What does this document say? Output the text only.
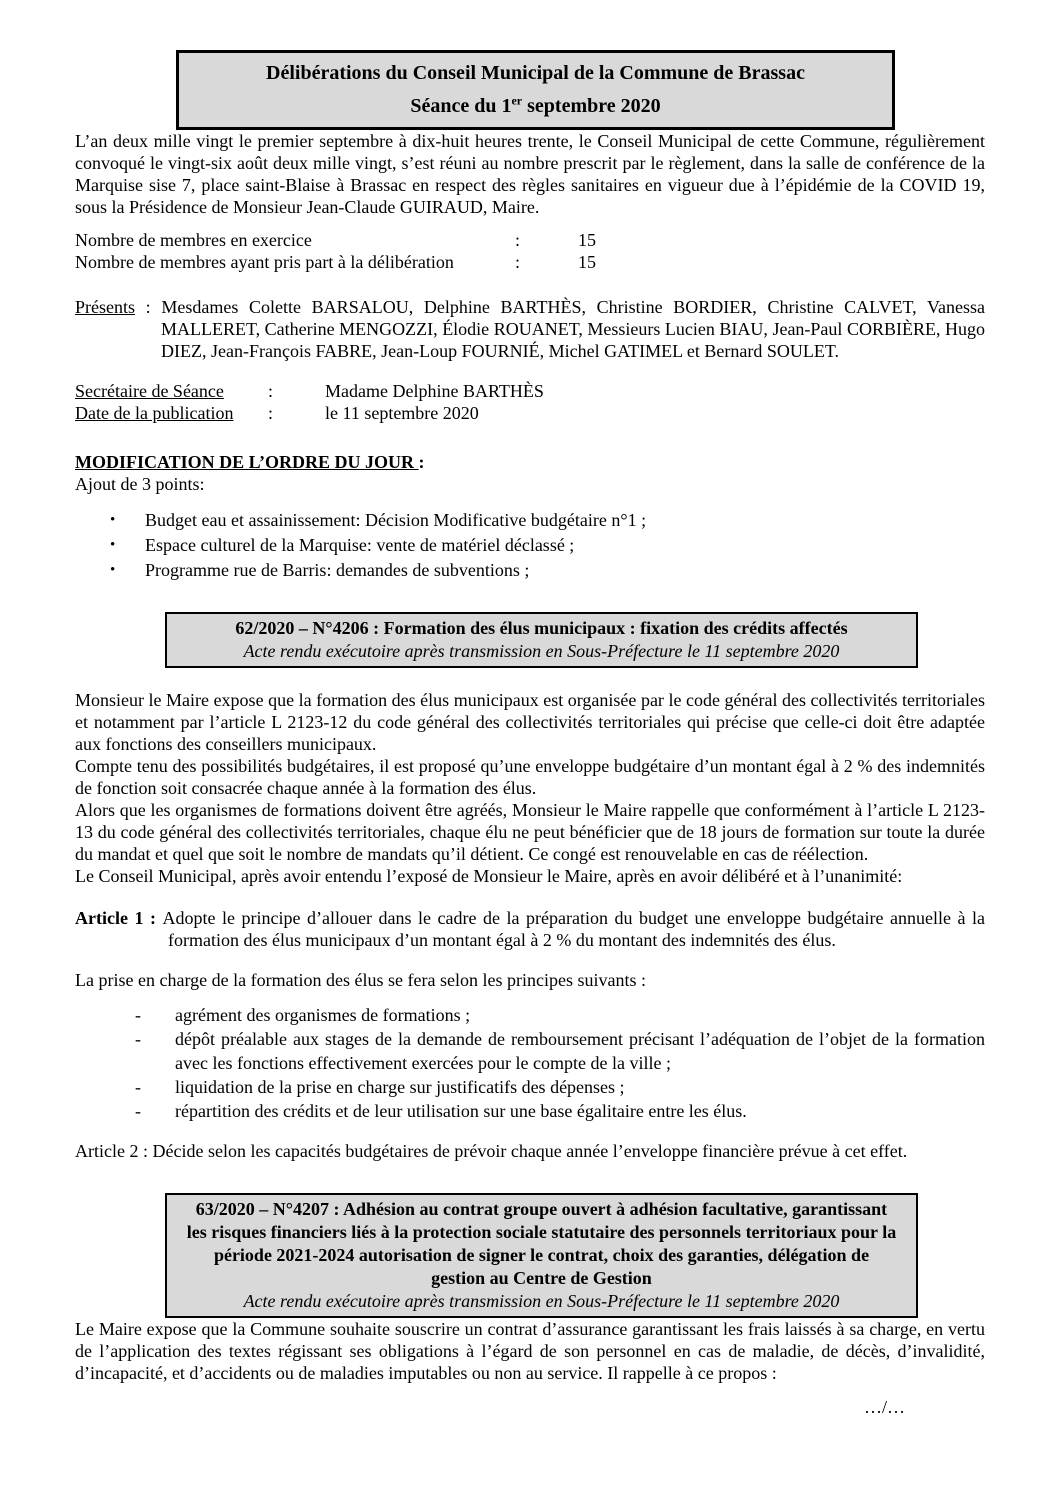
Délibérations du Conseil Municipal de la Commune de Brassac
Séance du 1er septembre 2020

L’an deux mille vingt le premier septembre à dix-huit heures trente, le Conseil Municipal de cette Commune, régulièrement convoqué le vingt-six août deux mille vingt, s’est réuni au nombre prescrit par le règlement, dans la salle de conférence de la Marquise sise 7, place saint-Blaise à Brassac en respect des règles sanitaires en vigueur due à l’épidémie de la COVID 19, sous la Présidence de Monsieur Jean-Claude GUIRAUD, Maire.

Nombre de membres en exercice	:	15
Nombre de membres ayant pris part à la délibération	:	15

Présents : Mesdames Colette BARSALOU, Delphine BARTHÈS, Christine BORDIER, Christine CALVET, Vanessa MALLERET, Catherine MENGOZZI, Élodie ROUANET, Messieurs Lucien BIAU, Jean-Paul CORBIÈRE, Hugo DIEZ, Jean-François FABRE, Jean-Loup FOURNIÉ, Michel GATIMEL et Bernard SOULET.

Secrétaire de Séance	:	Madame Delphine BARTHÈS
Date de la publication	:	le 11 septembre 2020
MODIFICATION DE L’ORDRE DU JOUR :

Ajout de 3 points:

•	Budget eau et assainissement: Décision Modificative budgétaire n°1 ;
•	Espace culturel de la Marquise: vente de matériel déclassé ;
•	Programme rue de Barris: demandes de subventions ;
62/2020 – N°4206 : Formation des élus municipaux : fixation des crédits affectés
Acte rendu exécutoire après transmission en Sous-Préfecture le 11 septembre 2020

Monsieur le Maire expose que la formation des élus municipaux est organisée par le code général des collectivités territoriales et notamment par l’article L 2123-12 du code général des collectivités territoriales qui précise que celle-ci doit être adaptée aux fonctions des conseillers municipaux.

Compte tenu des possibilités budgétaires, il est proposé qu’une enveloppe budgétaire d’un montant égal à 2 % des indemnités de fonction soit consacrée chaque année à la formation des élus.

Alors que les organismes de formations doivent être agréés, Monsieur le Maire rappelle que conformément à l’article L 2123-13 du code général des collectivités territoriales, chaque élu ne peut bénéficier que de 18 jours de formation sur toute la durée du mandat et quel que soit le nombre de mandats qu’il détient. Ce congé est renouvelable en cas de réélection.

Le Conseil Municipal, après avoir entendu l’exposé de Monsieur le Maire, après en avoir délibéré et à l’unanimité:

Article 1 : Adopte le principe d’allouer dans le cadre de la préparation du budget une enveloppe budgétaire annuelle à la formation des élus municipaux d’un montant égal à 2 % du montant des indemnités des élus.

La prise en charge de la formation des élus se fera selon les principes suivants :

-	agrément des organismes de formations ;
-	dépôt préalable aux stages de la demande de remboursement précisant l’adéquation de l’objet de la formation avec les fonctions effectivement exercées pour le compte de la ville ;
-	liquidation de la prise en charge sur justificatifs des dépenses ;
-	répartition des crédits et de leur utilisation sur une base égalitaire entre les élus.

Article 2 : Décide selon les capacités budgétaires de prévoir chaque année l’enveloppe financière prévue à cet effet.

63/2020 – N°4207 : Adhésion au contrat groupe ouvert à adhésion facultative, garantissant les risques financiers liés à la protection sociale statutaire des personnels territoriaux pour la période 2021-2024 autorisation de signer le contrat, choix des garanties, délégation de gestion au Centre de Gestion
Acte rendu exécutoire après transmission en Sous-Préfecture le 11 septembre 2020

Le Maire expose que la Commune souhaite souscrire un contrat d’assurance garantissant les frais laissés à sa charge, en vertu de l’application des textes régissant ses obligations à l’égard de son personnel en cas de maladie, de décès, d’invalidité, d’incapacité, et d’accidents ou de maladies imputables ou non au service. Il rappelle à ce propos :

…/…
